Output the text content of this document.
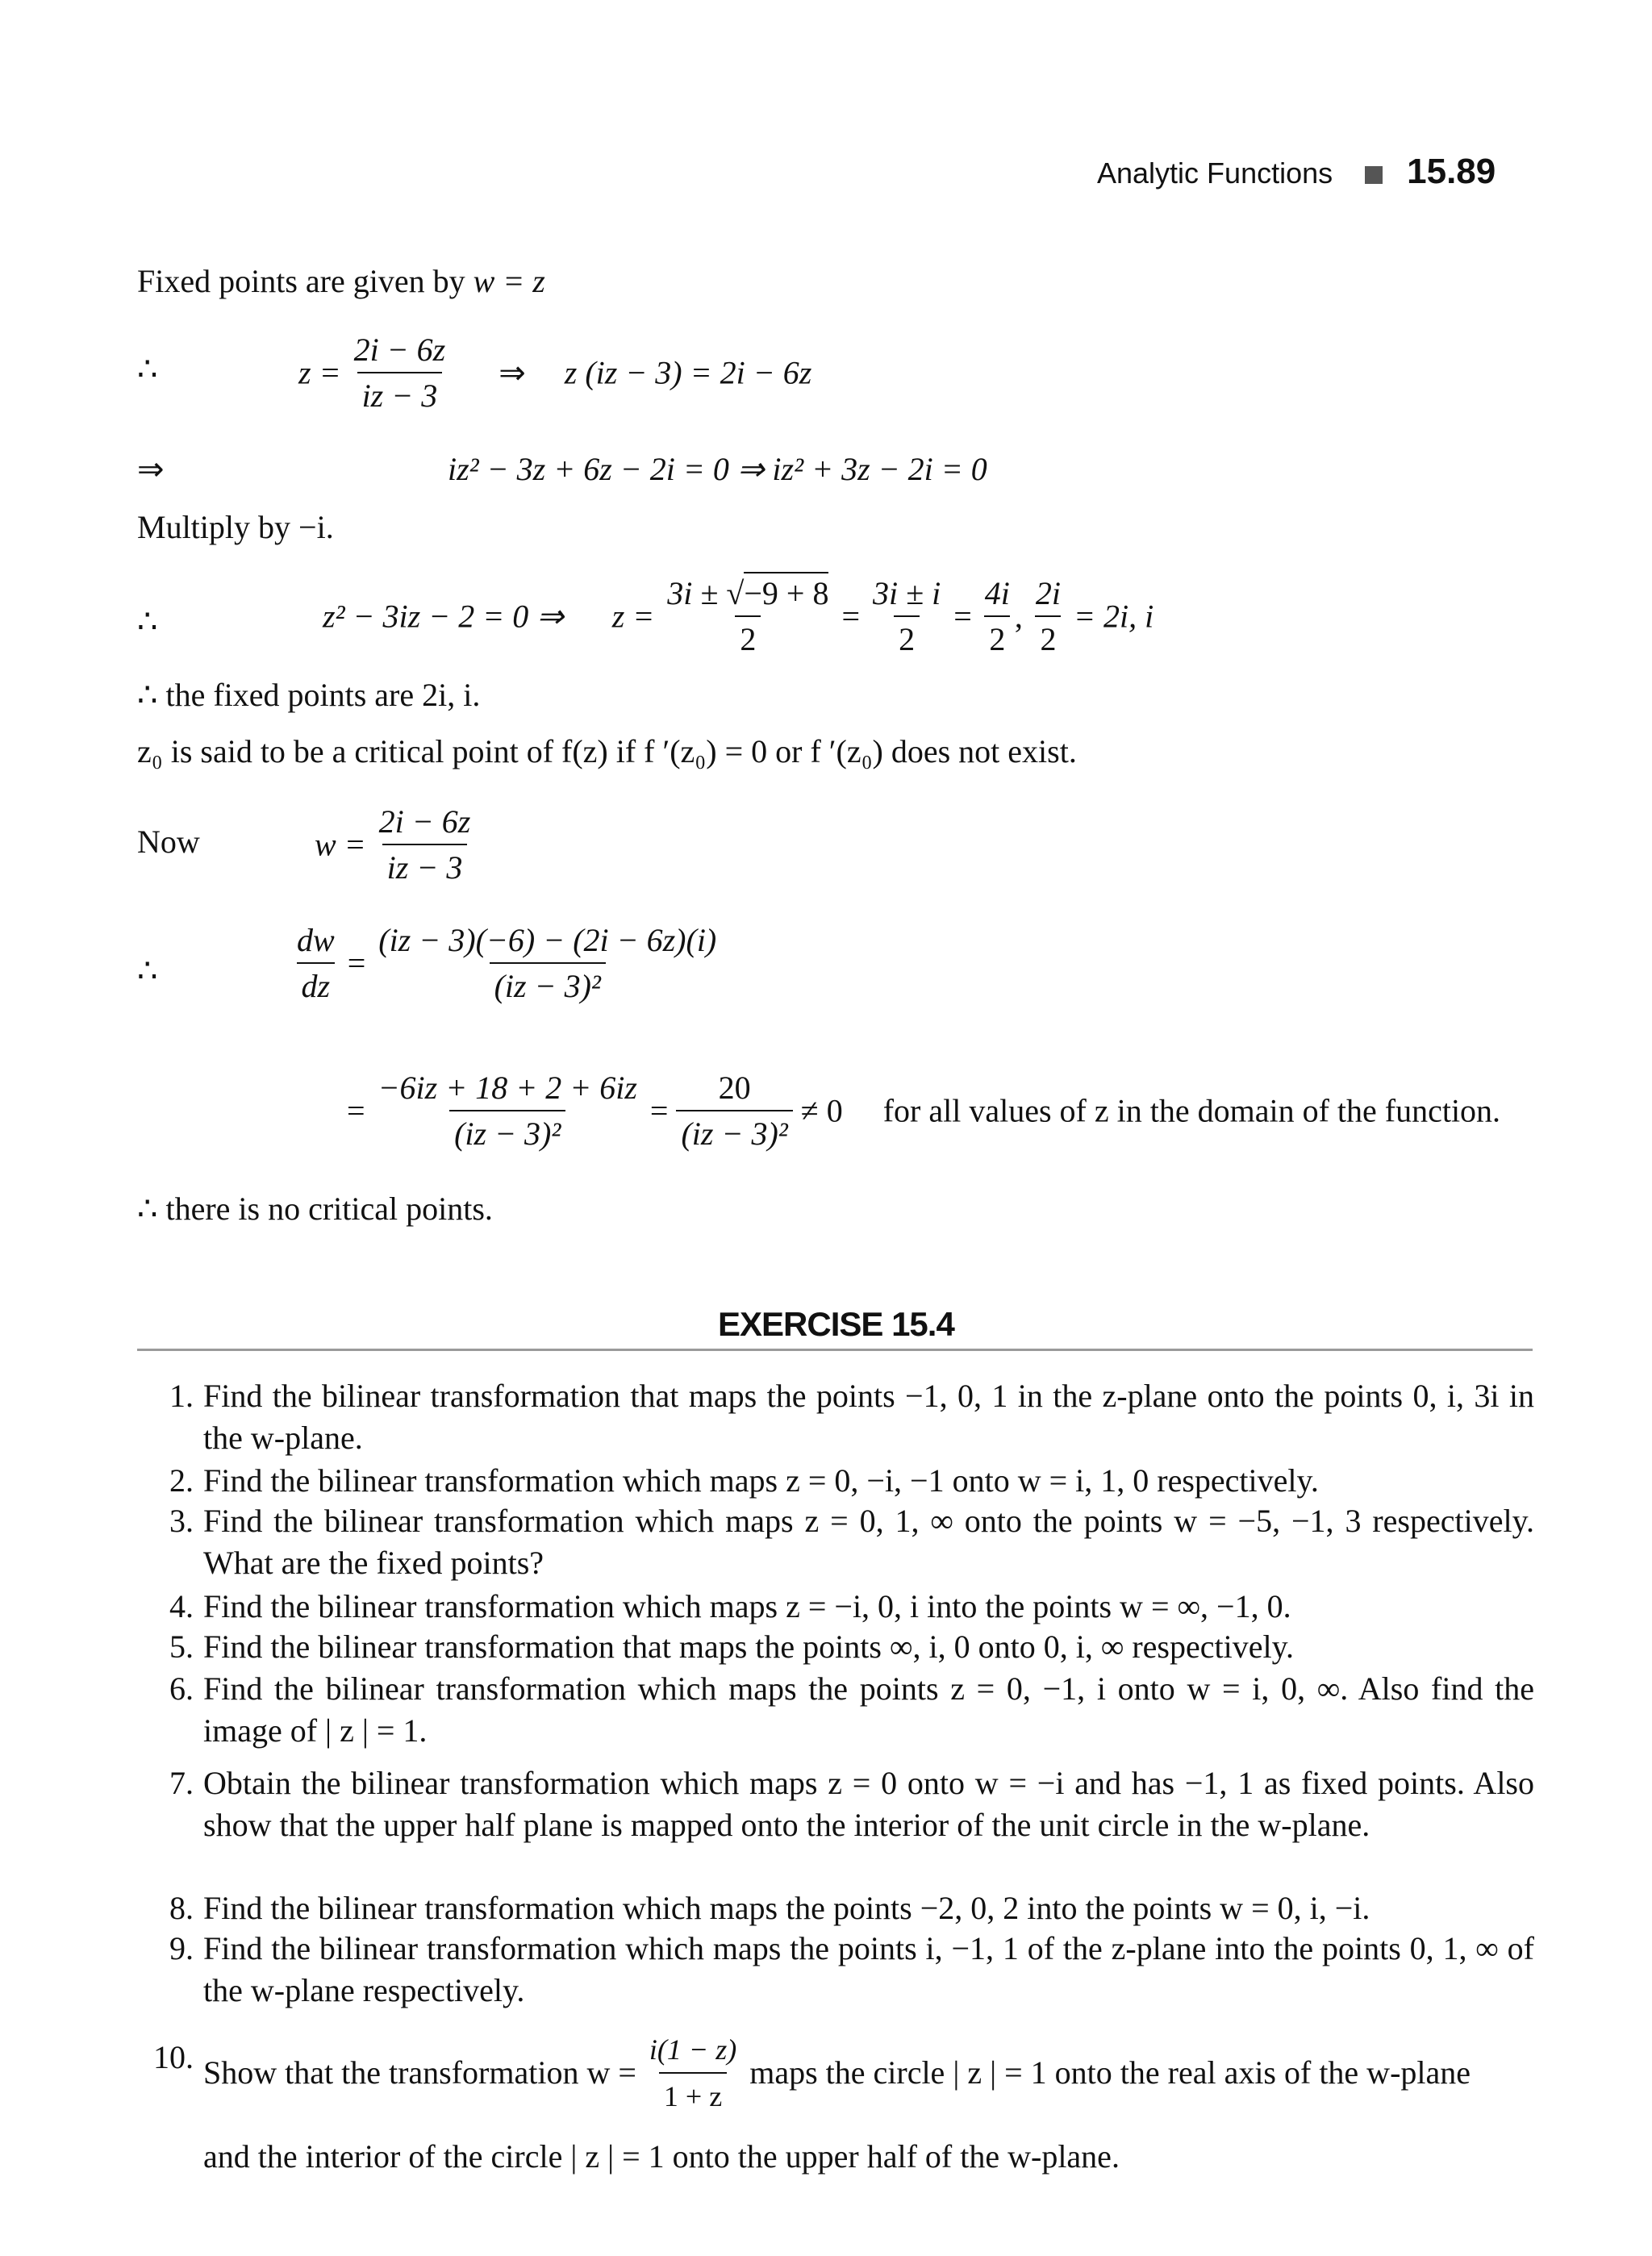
Analytic Functions 15.89
Fixed points are given by w = z
∴	$z = \frac{2i - 6z}{iz - 3}$ ⇒ z (iz − 3) = 2i − 6z
⇒	iz² − 3z + 6z − 2i = 0 ⇒ iz² + 3z − 2i = 0
Multiply by −i.
∴	z² − 3iz − 2 = 0 ⇒ $z = \frac{3i \pm √-9 + 8}{2} = \frac{3i \pm i}{2} = \frac{4i}{2}$ , $\frac{2i}{2} = 2i$, i
∴ the fixed points are 2i, i.
z₀ is said to be a critical point of f(z) if f ′(z₀) = 0 or f ′(z₀) does not exist.
Now	$w = \frac{2i - 6z}{iz - 3}$
∴	$\frac{dw}{dz} = \frac{(iz - 3)(-6) - (2i - 6z)(i)}{\text{(iz − 3)²}}$
= $\frac{-6iz + 18 + 2 + 6iz}{\text{(iz − 3)²}} = \frac{20}{\text{(iz − 3)²}} \ne 0$ for all values of z in the domain of the function.
∴ there is no critical points.
EXERCISE 15.4
1. Find the bilinear transformation that maps the points −1, 0, 1 in the z-plane onto the points 0, i, 3i in the w-plane.
2. Find the bilinear transformation which maps z = 0, −i, −1 onto w = i, 1, 0 respectively.
3. Find the bilinear transformation which maps z = 0, 1, ∞ onto the points w = −5, −1, 3 respectively. What are the fixed points?
4. Find the bilinear transformation which maps z = −i, 0, i into the points w = ∞, −1, 0.
5. Find the bilinear transformation that maps the points ∞, i, 0 onto 0, i, ∞ respectively.
6. Find the bilinear transformation which maps the points z = 0, −1, i onto w = i, 0, ∞. Also find the image of | z | = 1.
7. Obtain the bilinear transformation which maps z = 0 onto w = −i and has −1, 1 as fixed points. Also show that the upper half plane is mapped onto the interior of the unit circle in the w-plane.
8. Find the bilinear transformation which maps the points −2, 0, 2 into the points w = 0, i, −i.
9. Find the bilinear transformation which maps the points i, −1, 1 of the z-plane into the points 0, 1, ∞ of the w-plane respectively.
10. Show that the transformation $w = \frac{i(1 - z)}{1 + z}$ maps the circle | z | = 1 onto the real axis of the w-plane
and the interior of the circle | z | = 1 onto the upper half of the w-plane.
